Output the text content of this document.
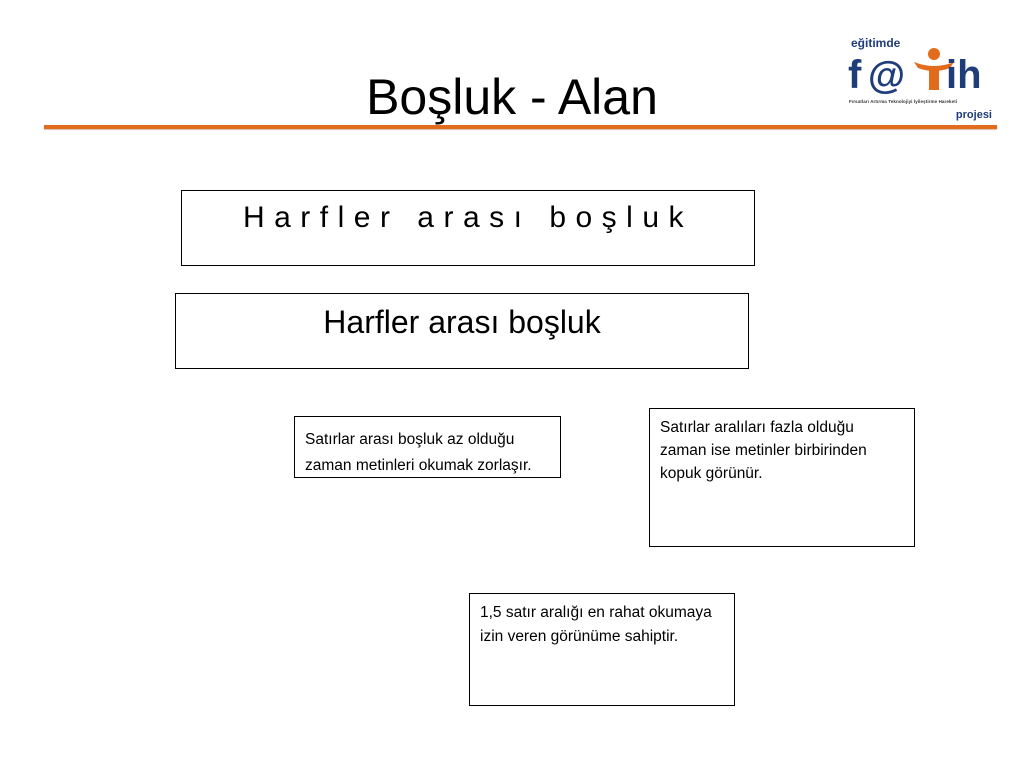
Boşluk - Alan
eğitimde
f @ ih
Fırsatları Artırma Teknolojiyi İyileştirme Hareketi
projesi
Harfler arası boşluk
Harfler arası boşluk
Satırlar arası boşluk az olduğu zaman metinleri okumak zorlaşır.
Satırlar aralıları fazla olduğu zaman ise metinler birbirinden kopuk görünür.
1,5 satır aralığı en rahat okumaya izin veren görünüme sahiptir.
